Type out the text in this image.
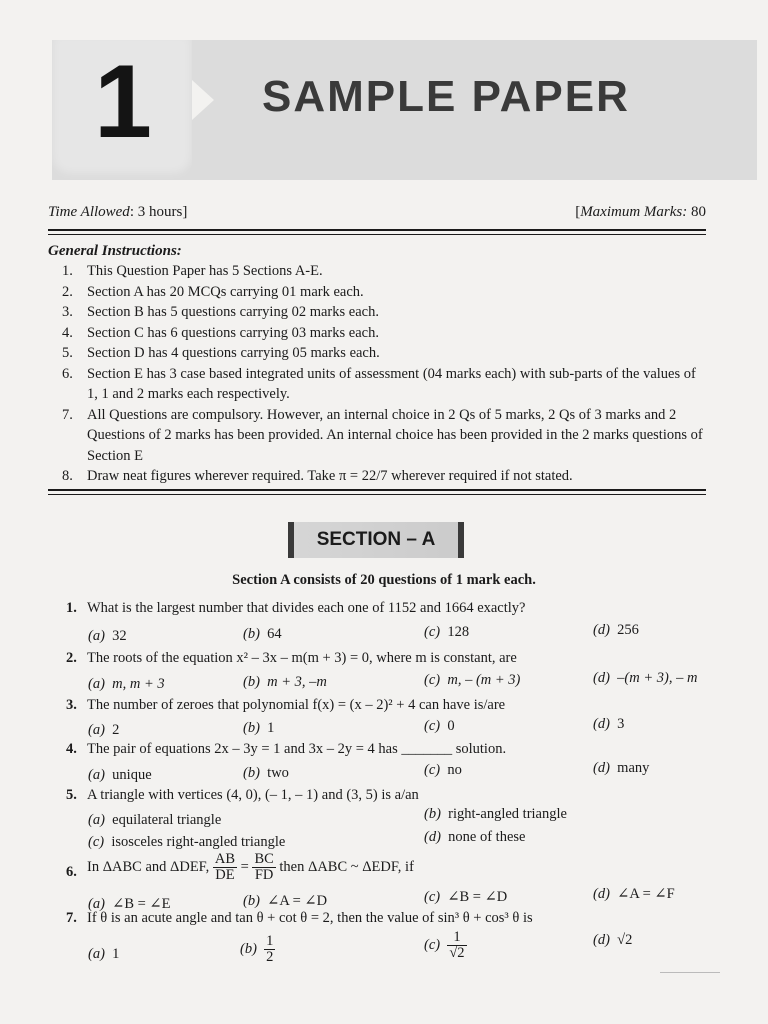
1	SAMPLE PAPER
Time Allowed: 3 hours]	[Maximum Marks: 80
General Instructions:
1. This Question Paper has 5 Sections A-E.
2. Section A has 20 MCQs carrying 01 mark each.
3. Section B has 5 questions carrying 02 marks each.
4. Section C has 6 questions carrying 03 marks each.
5. Section D has 4 questions carrying 05 marks each.
6. Section E has 3 case based integrated units of assessment (04 marks each) with sub-parts of the values of 1, 1 and 2 marks each respectively.
7. All Questions are compulsory. However, an internal choice in 2 Qs of 5 marks, 2 Qs of 3 marks and 2 Questions of 2 marks has been provided. An internal choice has been provided in the 2 marks questions of Section E
8. Draw neat figures wherever required. Take π = 22/7 wherever required if not stated.
SECTION – A
Section A consists of 20 questions of 1 mark each.
1. What is the largest number that divides each one of 1152 and 1664 exactly?
(a) 32	(b) 64	(c) 128	(d) 256
2. The roots of the equation x² – 3x – m(m + 3) = 0, where m is constant, are
(a) m, m + 3	(b) m + 3, –m	(c) m, – (m + 3)	(d) –(m + 3), – m
3. The number of zeroes that polynomial f(x) = (x – 2)² + 4 can have is/are
(a) 2	(b) 1	(c) 0	(d) 3
4. The pair of equations 2x – 3y = 1 and 3x – 2y = 4 has _______ solution.
(a) unique	(b) two	(c) no	(d) many
5. A triangle with vertices (4, 0), (– 1, – 1) and (3, 5) is a/an
(a) equilateral triangle	(b) right-angled triangle
(c) isosceles right-angled triangle	(d) none of these
6. In ΔABC and ΔDEF, $\frac{AB}{DE} = \frac{BC}{FD}$ then ΔABC ~ ΔEDF, if
(a) ∠B = ∠E	(b) ∠A = ∠D	(c) ∠B = ∠D	(d) ∠A = ∠F
7. If θ is an acute angle and tan θ + cot θ = 2, then the value of sin³ θ + cos³ θ is
(a) 1	$(b) \frac{1}{2}$	$(c) \frac{1}{√2}$	(d) √2
